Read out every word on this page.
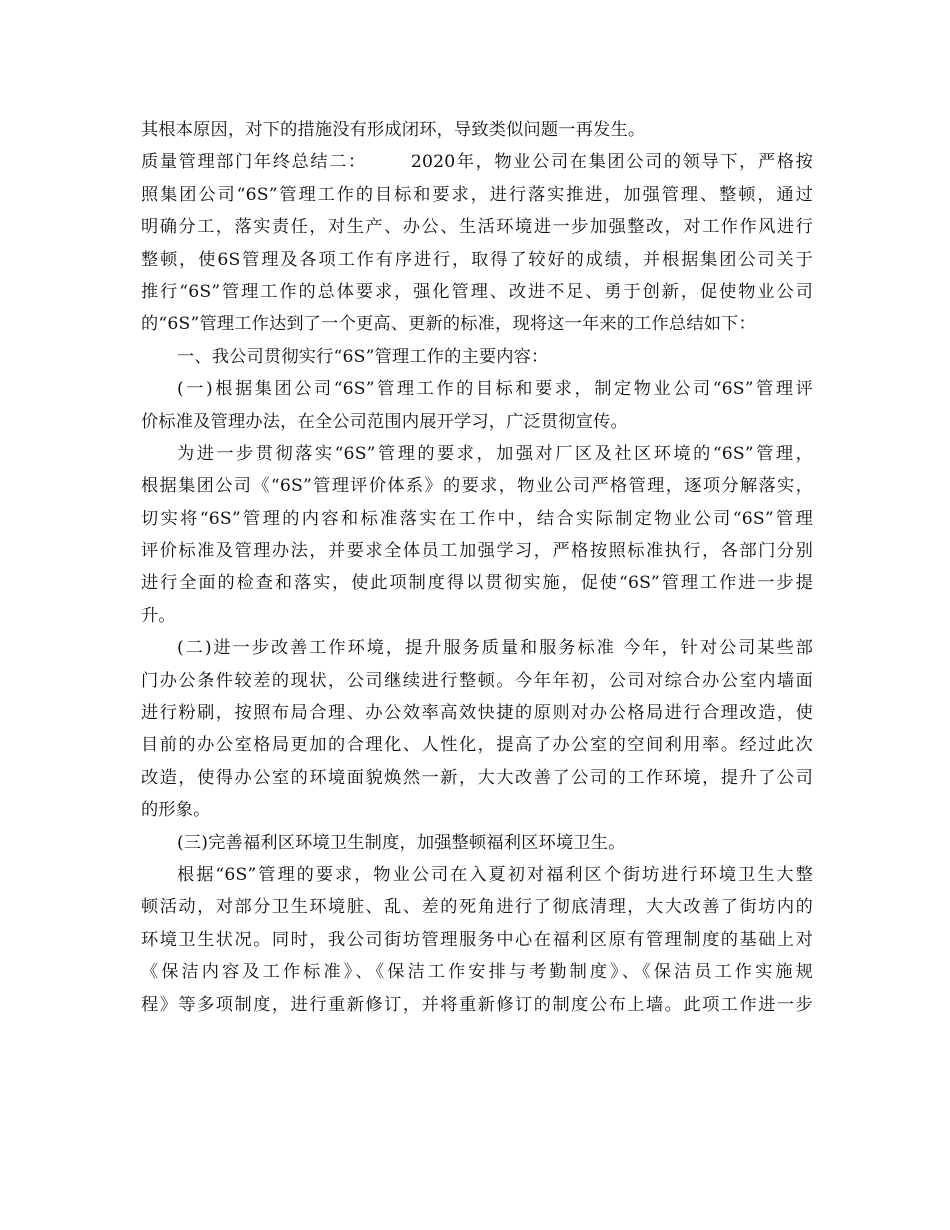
其根本原因，对下的措施没有形成闭环，导致类似问题一再发生。
质量管理部门年终总结二：	2020年，物业公司在集团公司的领导下，严格按
照集团公司“6S”管理工作的目标和要求，进行落实推进，加强管理、整顿，通过
明确分工，落实责任，对生产、办公、生活环境进一步加强整改，对工作作风进行
整顿，使6S管理及各项工作有序进行，取得了较好的成绩，并根据集团公司关于
推行“6S”管理工作的总体要求，强化管理、改进不足、勇于创新，促使物业公司
的“6S”管理工作达到了一个更高、更新的标准，现将这一年来的工作总结如下：
一、我公司贯彻实行“6S”管理工作的主要内容：
(一)根据集团公司“6S”管理工作的目标和要求，制定物业公司“6S”管理评
价标准及管理办法，在全公司范围内展开学习，广泛贯彻宣传。
为进一步贯彻落实“6S”管理的要求，加强对厂区及社区环境的“6S”管理，
根据集团公司《“6S”管理评价体系》的要求，物业公司严格管理，逐项分解落实，
切实将“6S”管理的内容和标准落实在工作中，结合实际制定物业公司“6S”管理
评价标准及管理办法，并要求全体员工加强学习，严格按照标准执行，各部门分别
进行全面的检查和落实，使此项制度得以贯彻实施，促使“6S”管理工作进一步提
升。
(二)进一步改善工作环境，提升服务质量和服务标准 今年，针对公司某些部
门办公条件较差的现状，公司继续进行整顿。今年年初，公司对综合办公室内墙面
进行粉刷，按照布局合理、办公效率高效快捷的原则对办公格局进行合理改造，使
目前的办公室格局更加的合理化、人性化，提高了办公室的空间利用率。经过此次
改造，使得办公室的环境面貌焕然一新，大大改善了公司的工作环境，提升了公司
的形象。
(三)完善福利区环境卫生制度，加强整顿福利区环境卫生。
根据“6S”管理的要求，物业公司在入夏初对福利区个街坊进行环境卫生大整
顿活动，对部分卫生环境脏、乱、差的死角进行了彻底清理，大大改善了街坊内的
环境卫生状况。同时，我公司街坊管理服务中心在福利区原有管理制度的基础上对
《保洁内容及工作标准》、《保洁工作安排与考勤制度》、《保洁员工作实施规
程》等多项制度，进行重新修订，并将重新修订的制度公布上墙。此项工作进一步
